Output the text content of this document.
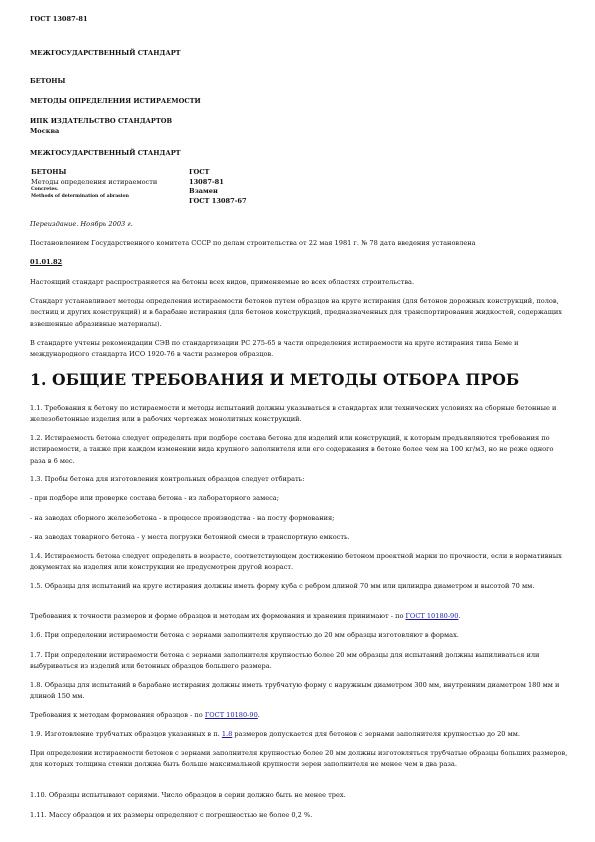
ГОСТ 13087-81

МЕЖГОСУДАРСТВЕННЫЙ СТАНДАРТ

БЕТОНЫ

МЕТОДЫ ОПРЕДЕЛЕНИЯ ИСТИРАЕМОСТИ

ИПК ИЗДАТЕЛЬСТВО СТАНДАРТОВ

Москва

МЕЖГОСУДАРСТВЕННЫЙ СТАНДАРТ

БЕТОНЫ
Методы определения истираемости
Concretes.
Methods of determination of abrasion
ГОСТ
13087-81
Взамен
ГОСТ 13087-67

Переиздание. Ноябрь 2003 г.

Постановлением Государственного комитета СССР по делам строительства от 22 мая 1981 г. № 78 дата введения установлена

01.01.82

Настоящий стандарт распространяется на бетоны всех видов, применяемые во всех областях строительства.

Стандарт устанавливает методы определения истираемости бетонов путем образцов на круге истирания (для бетонов дорожных конструкций, полов, лестниц и других конструкций) и в барабане истирания (для бетонов конструкций, предназначенных для транспортирования жидкостей, содержащих взвешенные абразивные материалы).

В стандарте учтены рекомендации СЭВ по стандартизации РС 275-65 в части определения истираемости на круге истирания типа Беме и международного стандарта ИСО 1920-76 в части размеров образцов.

1. ОБЩИЕ ТРЕБОВАНИЯ И МЕТОДЫ ОТБОРА ПРОБ

1.1. Требования к бетону по истираемости и методы испытаний должны указываться в стандартах или технических условиях на сборные бетонные и железобетонные изделия или в рабочих чертежах монолитных конструкций.

1.2. Истираемость бетона следует определять при подборе состава бетона для изделий или конструкций, к которым предъявляются требования по истираемости, а также при каждом изменении вида крупного заполнителя или его содержания в бетоне более чем на 100 кг/м3, но не реже одного раза в 6 мес.

1.3. Пробы бетона для изготовления контрольных образцов следует отбирать:

- при подборе или проверке состава бетона - из лабораторного замеса;

- на заводах сборного железобетона - в процессе производства - на посту формования;

- на заводах товарного бетона - у места погрузки бетонной смеси в транспортную емкость.

1.4. Истираемость бетона следует определять в возрасте, соответствующем достижению бетоном проектной марки по прочности, если в нормативных документах на изделия или конструкции не предусмотрен другой возраст.

1.5. Образцы для испытаний на круге истирания должны иметь форму куба с ребром длиной 70 мм или цилиндра диаметром и высотой 70 мм.

Требования к точности размеров и форме образцов и методам их формования и хранения принимают - по ГОСТ 10180-90.

1.6. При определении истираемости бетона с зернами заполнителя крупностью до 20 мм образцы изготовляют в формах.

1.7. При определении истираемости бетона с зернами заполнителя крупностью более 20 мм образцы для испытаний должны выпиливаться или выбуриваться из изделий или бетонных образцов большего размера.

1.8. Образцы для испытаний в барабане истирания должны иметь трубчатую форму с наружным диаметром 300 мм, внутренним диаметром 180 мм и длиной 150 мм.

Требования к методам формования образцов - по ГОСТ 10180-90.

1.9. Изготовление трубчатых образцов указанных в п. 1.8 размеров допускается для бетонов с зернами заполнителя крупностью до 20 мм.

При определении истираемости бетонов с зернами заполнителя крупностью более 20 мм должны изготовляться трубчатые образцы больших размеров, для которых толщина стенки должна быть больше максимальной крупности зерен заполнителя не менее чем в два раза.

1.10. Образцы испытывают сериями. Число образцов в серии должно быть не менее трех.

1.11. Массу образцов и их размеры определяют с погрешностью не более 0,2 %.
